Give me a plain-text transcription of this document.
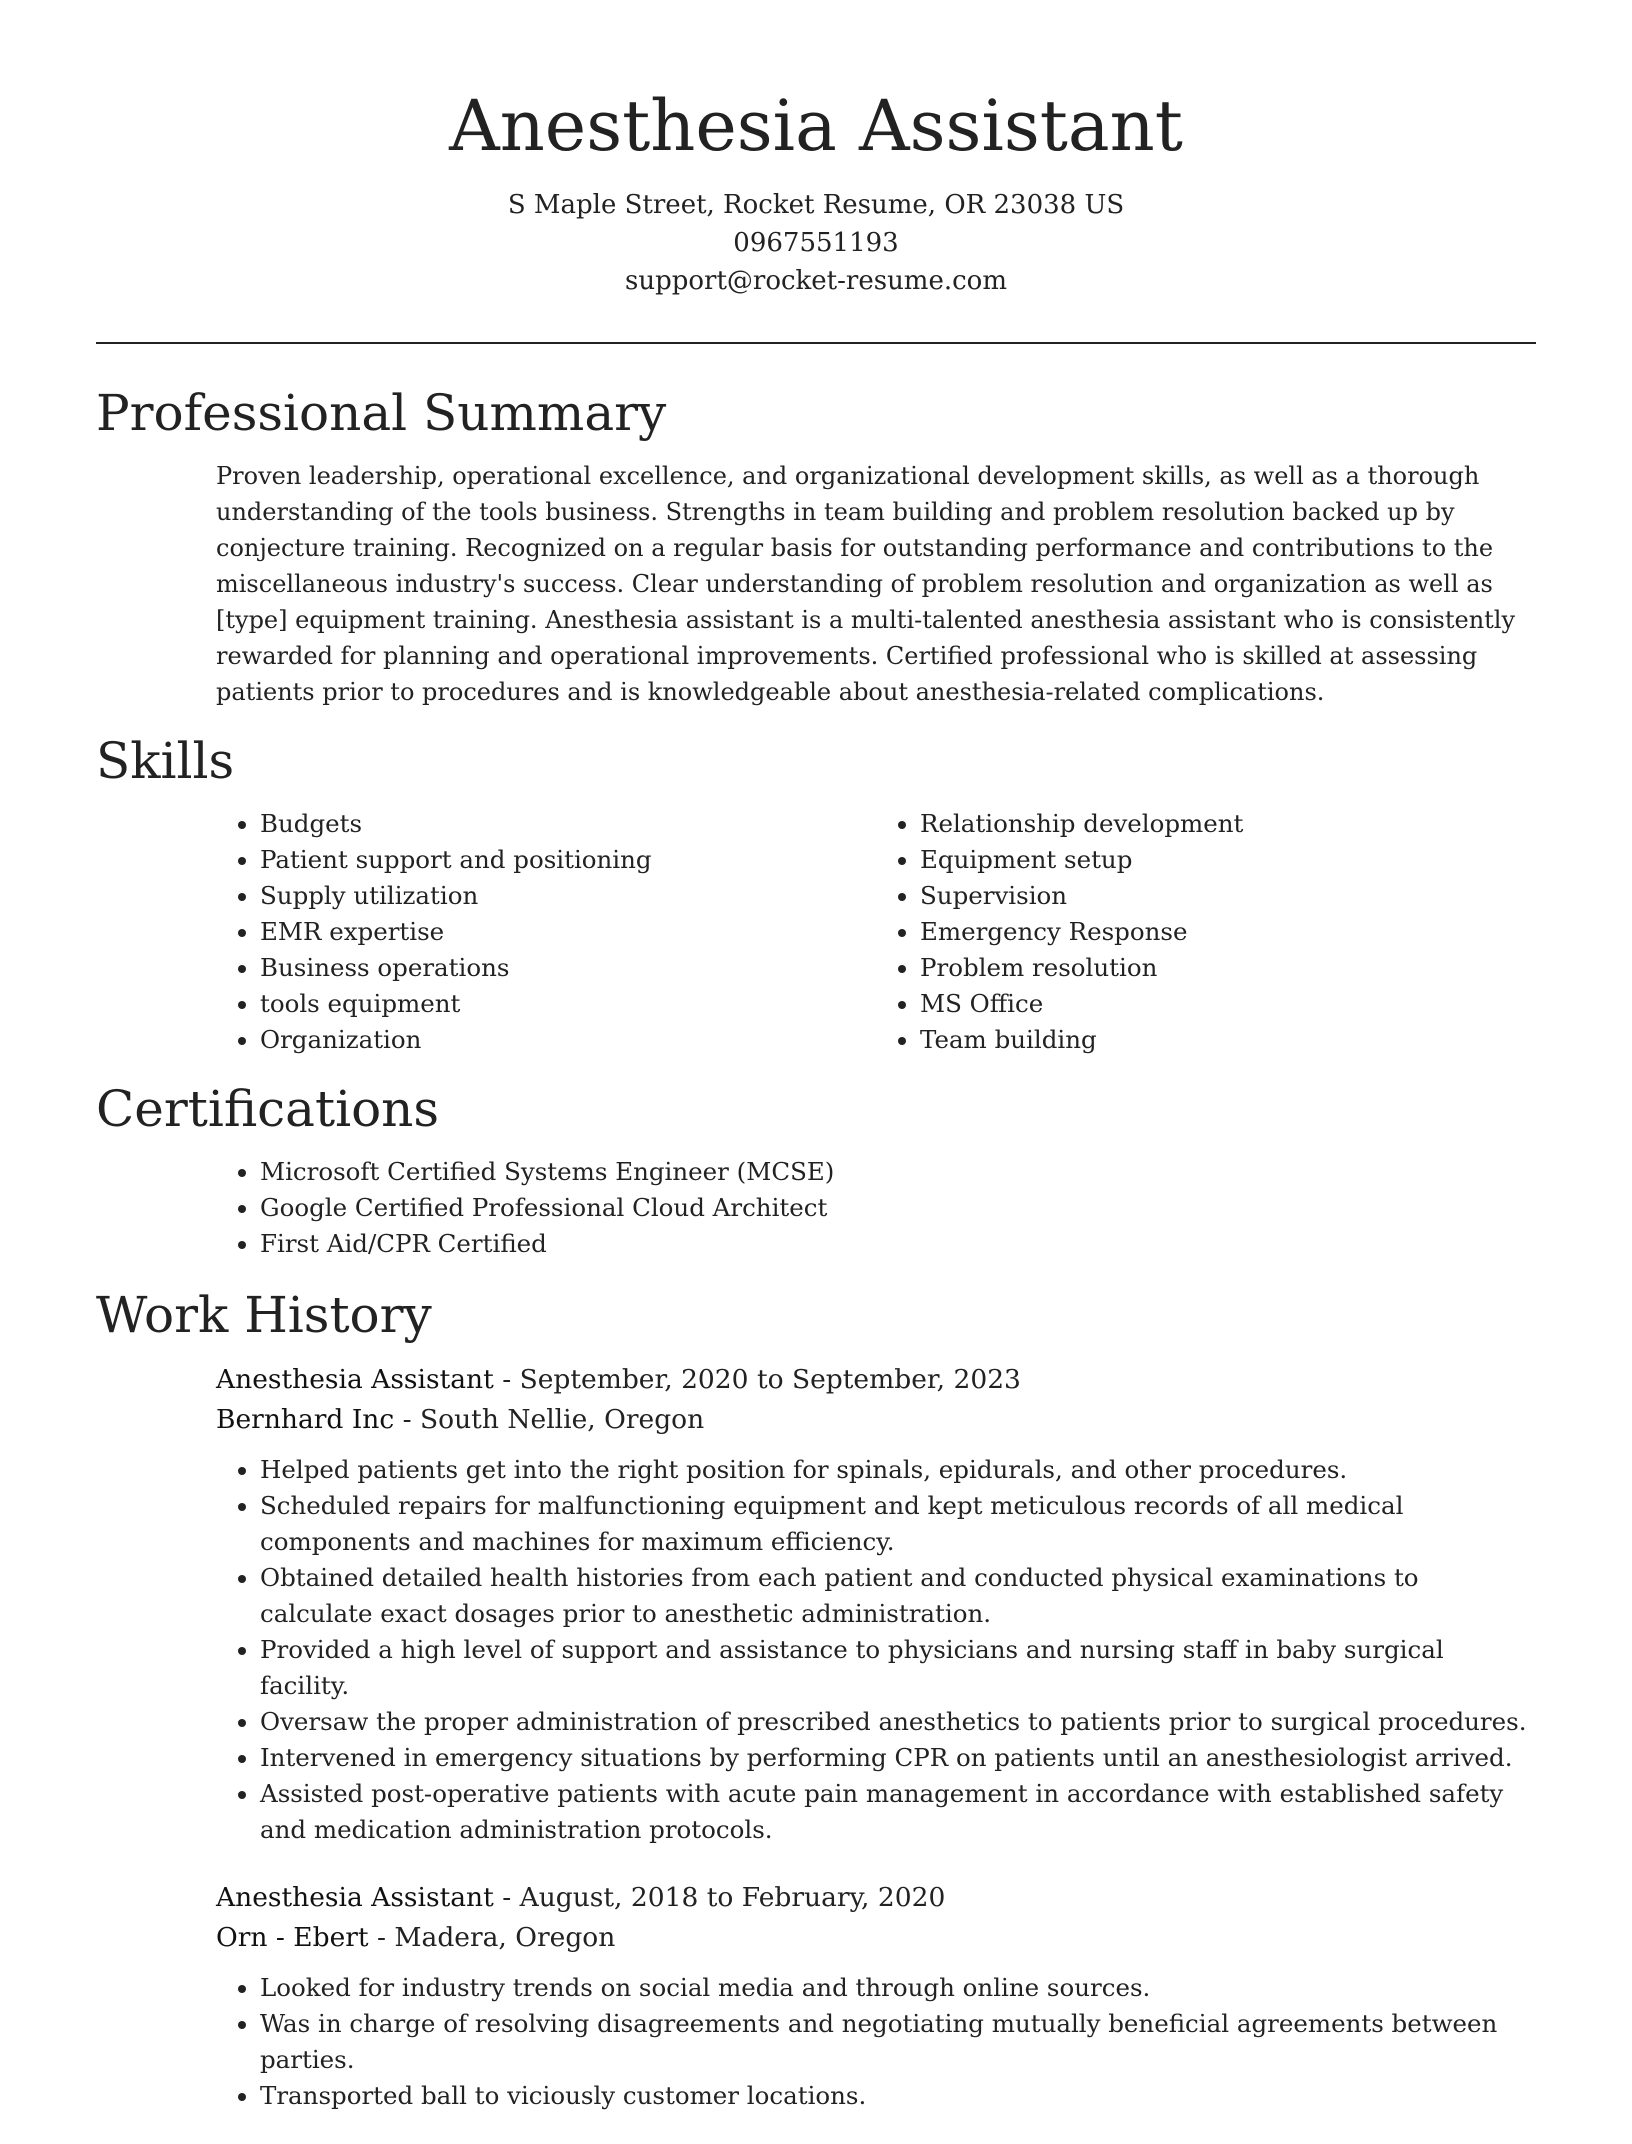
Anesthesia Assistant
S Maple Street, Rocket Resume, OR 23038 US
0967551193
support@rocket-resume.com
Professional Summary

Proven leadership, operational excellence, and organizational development skills, as well as a thorough understanding of the tools business. Strengths in team building and problem resolution backed up by conjecture training. Recognized on a regular basis for outstanding performance and contributions to the miscellaneous industry's success. Clear understanding of problem resolution and organization as well as [type] equipment training. Anesthesia assistant is a multi-talented anesthesia assistant who is consistently rewarded for planning and operational improvements. Certified professional who is skilled at assessing patients prior to procedures and is knowledgeable about anesthesia-related complications.

Skills
• Budgets
• Patient support and positioning
• Supply utilization
• EMR expertise
• Business operations
• tools equipment
• Organization
• Relationship development
• Equipment setup
• Supervision
• Emergency Response
• Problem resolution
• MS Office
• Team building
Certifications
• Microsoft Certified Systems Engineer (MCSE)
• Google Certified Professional Cloud Architect
• First Aid/CPR Certified
Work History
Anesthesia Assistant - September, 2020 to September, 2023
Bernhard Inc - South Nellie, Oregon
• Helped patients get into the right position for spinals, epidurals, and other procedures.
• Scheduled repairs for malfunctioning equipment and kept meticulous records of all medical components and machines for maximum efficiency.
• Obtained detailed health histories from each patient and conducted physical examinations to calculate exact dosages prior to anesthetic administration.
• Provided a high level of support and assistance to physicians and nursing staff in baby surgical facility.
• Oversaw the proper administration of prescribed anesthetics to patients prior to surgical procedures.
• Intervened in emergency situations by performing CPR on patients until an anesthesiologist arrived.
• Assisted post-operative patients with acute pain management in accordance with established safety and medication administration protocols.
Anesthesia Assistant - August, 2018 to February, 2020
Orn - Ebert - Madera, Oregon
• Looked for industry trends on social media and through online sources.
• Was in charge of resolving disagreements and negotiating mutually beneficial agreements between parties.
• Transported ball to viciously customer locations.
